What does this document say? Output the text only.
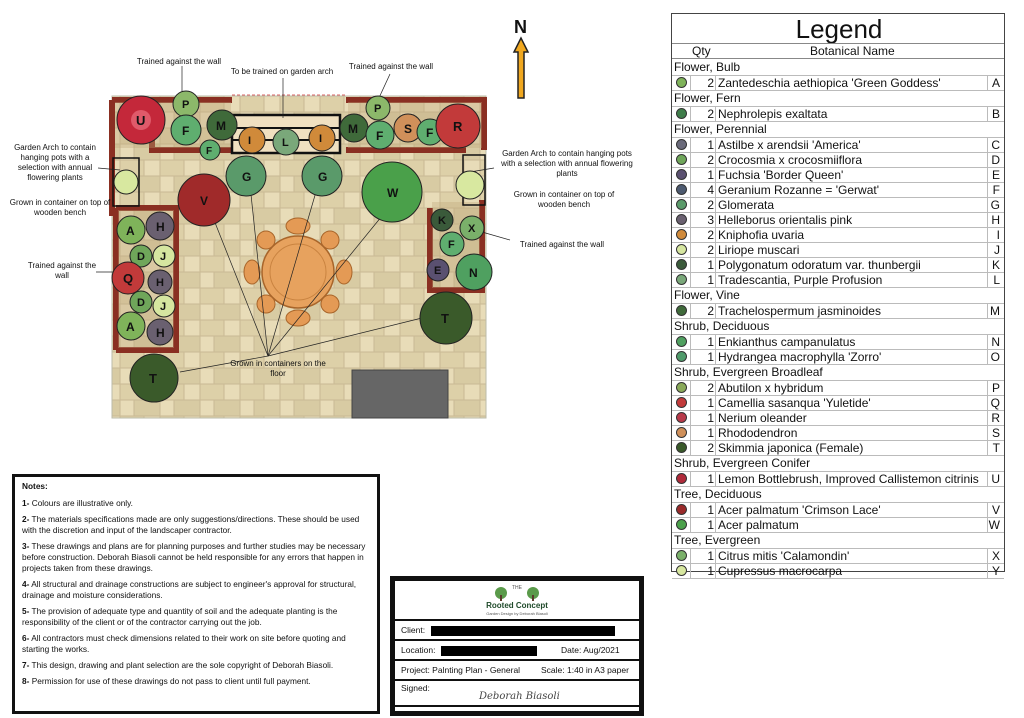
N
U
P
F M
F
I	L	I
M
P
F S F R
G	G
V
W
A H
D J
Q H
D J
A H
K
X
F
E N
T
T
Trained against the wall
To be trained on garden arch
Trained against the wall
Garden Arch to contain hanging pots with a selection with annual flowering plants
Grown in container on top of wooden bench
Garden Arch to contain hanging pots with a selection with annual flowering plants
Grown in container on top of wooden bench
Trained against the wall
Trained against the wall
Grown in containers on the floor
Legend
Qty	Botanical Name
Flower, Bulb
2 Zantedeschia aethiopica 'Green Goddess'	A
Flower, Fern
2 Nephrolepis exaltata	B
Flower, Perennial
1 Astilbe x arendsii 'America'	C
2 Crocosmia x crocosmiiflora	D
1 Fuchsia 'Border Queen'	E
4 Geranium Rozanne = 'Gerwat'	F
2 Glomerata	G
3 Helleborus orientalis pink	H
2 Kniphofia uvaria	I
2 Liriope muscari	J
1 Polygonatum odoratum var. thunbergii	K
1 Tradescantia, Purple Profusion	L
Flower, Vine
2 Trachelospermum jasminoides	M
Shrub, Deciduous
1 Enkianthus campanulatus	N
1 Hydrangea macrophylla 'Zorro'	O
Shrub, Evergreen Broadleaf
2 Abutilon x hybridum	P
1 Camellia sasanqua 'Yuletide'	Q
1 Nerium oleander	R
1 Rhododendron	S
2 Skimmia japonica (Female)	T
Shrub, Evergreen Conifer
1 Lemon Bottlebrush, Improved Callistemon citrinis U
Tree, Deciduous
1 Acer palmatum 'Crimson Lace'	V
1 Acer palmatum	W
Tree, Evergreen
1 Citrus mitis 'Calamondin'	X
1 Cupressus macrocarpa	Y
Notes:
1- Colours are illustrative only.
2- The materials specifications made are only suggestions/directions. These should be used with the discretion and input of the landscaper contractor.
3- These drawings and plans are for planning purposes and further studies may be necessary before construction. Deborah Biasoli cannot be held responsible for any errors that happen in projects taken from these drawings.
4- All structural and drainage constructions are subject to engineer's approval for structural, drainage and moisture considerations.
5- The provision of adequate type and quantity of soil and the adequate planting is the responsibility of the client or of the contractor carrying out the job.
6- All contractors must check dimensions related to their work on site before quoting and starting the works.
7- This design, drawing and plant selection are the sole copyright of Deborah Biasoli.
8- Permission for use of these drawings do not pass to client until full payment.
THE
Rooted Concept
Garden Design by Deborah Biasoli
Client:
Location:	Date: Aug/2021
Project: Palnting Plan - General Scale: 1:40 in A3 paper
Signed:
Deborah Biasoli
